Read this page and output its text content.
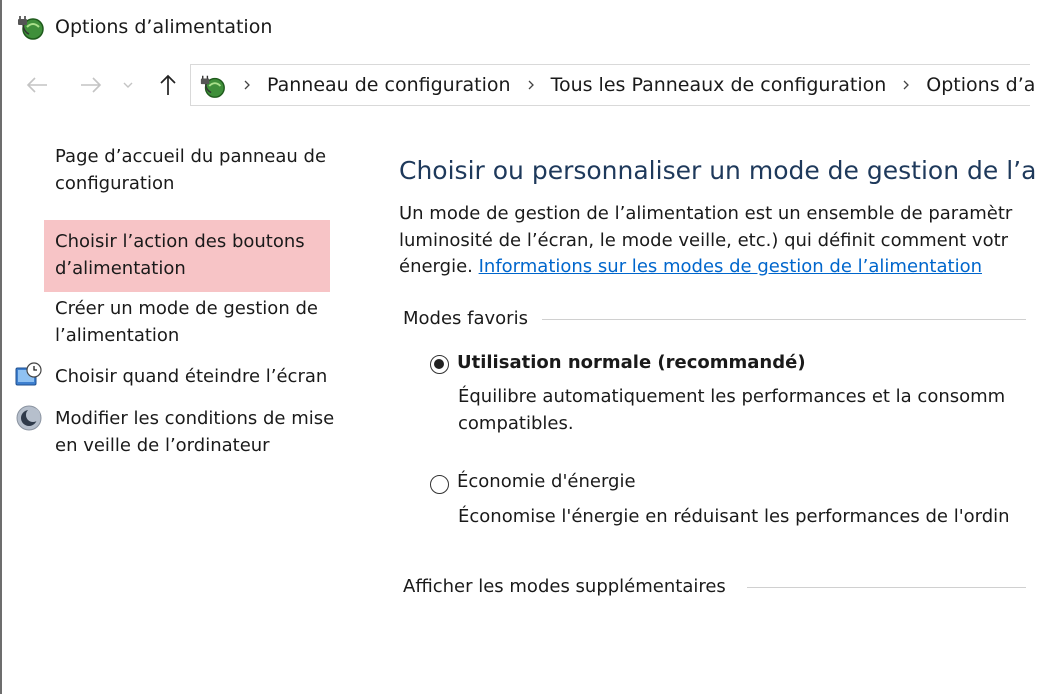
Options d’alimentation
Panneau de configuration Tous les Panneaux de configuration Options d’a
Page d’accueil du panneau de
configuration
Choisir l’action des boutons
d’alimentation
Créer un mode de gestion de
l’alimentation
Choisir quand éteindre l’écran
Modifier les conditions de mise
en veille de l’ordinateur
Choisir ou personnaliser un mode de gestion de l’a
Un mode de gestion de l’alimentation est un ensemble de paramètr
luminosité de l’écran, le mode veille, etc.) qui définit comment votr
énergie. Informations sur les modes de gestion de l’alimentation
Modes favoris
Utilisation normale (recommandé)
Équilibre automatiquement les performances et la consomm
compatibles.
Économie d'énergie
Économise l'énergie en réduisant les performances de l'ordin
Afficher les modes supplémentaires
